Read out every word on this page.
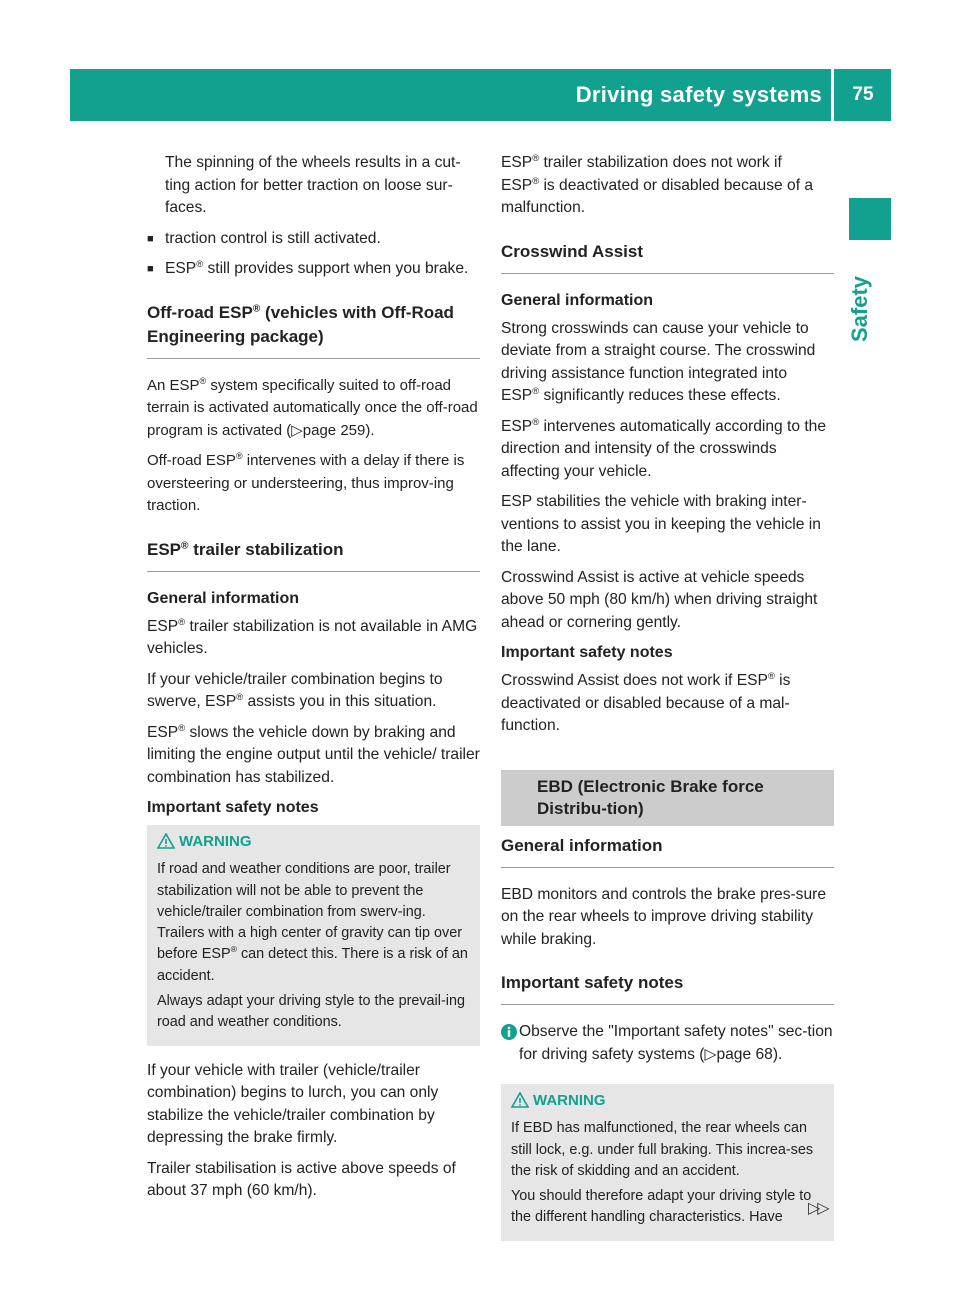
Driving safety systems	75
Safety

The spinning of the wheels results in a cut-ting action for better traction on loose sur-faces.

■ traction control is still activated.
■ ESP® still provides support when you brake.
Off-road ESP® (vehicles with Off-Road Engineering package)

An ESP® system specifically suited to off-road terrain is activated automatically once the off-road program is activated (▷page 259).

Off-road ESP® intervenes with a delay if there is oversteering or understeering, thus improv-ing traction.

ESP® trailer stabilization
General information

ESP® trailer stabilization is not available in AMG vehicles.

If your vehicle/trailer combination begins to swerve, ESP® assists you in this situation.

ESP® slows the vehicle down by braking and limiting the engine output until the vehicle/ trailer combination has stabilized.

Important safety notes
WARNING

If road and weather conditions are poor, trailer stabilization will not be able to prevent the vehicle/trailer combination from swerv-ing. Trailers with a high center of gravity can tip over before ESP® can detect this. There is a risk of an accident.

Always adapt your driving style to the prevail-ing road and weather conditions.

If your vehicle with trailer (vehicle/trailer combination) begins to lurch, you can only stabilize the vehicle/trailer combination by depressing the brake firmly.

Trailer stabilisation is active above speeds of about 37 mph (60 km/h).

ESP® trailer stabilization does not work if
ESP® is deactivated or disabled because of a malfunction.

Crosswind Assist
General information

Strong crosswinds can cause your vehicle to deviate from a straight course. The crosswind driving assistance function integrated into
ESP® significantly reduces these effects.

ESP® intervenes automatically according to the direction and intensity of the crosswinds affecting your vehicle.

ESP stabilities the vehicle with braking inter-ventions to assist you in keeping the vehicle in the lane.

Crosswind Assist is active at vehicle speeds above 50 mph (80 km/h) when driving straight ahead or cornering gently.

Important safety notes

Crosswind Assist does not work if ESP® is deactivated or disabled because of a mal-function.

EBD (Electronic Brake force Distribu-tion)
General information

EBD monitors and controls the brake pres-sure on the rear wheels to improve driving stability while braking.

Important safety notes
Observe the "Important safety notes" sec-tion for driving safety systems (▷page 68).
WARNING

If EBD has malfunctioned, the rear wheels can still lock, e.g. under full braking. This increa-ses the risk of skidding and an accident.

You should therefore adapt your driving style to the different handling characteristics. Have

▷▷
